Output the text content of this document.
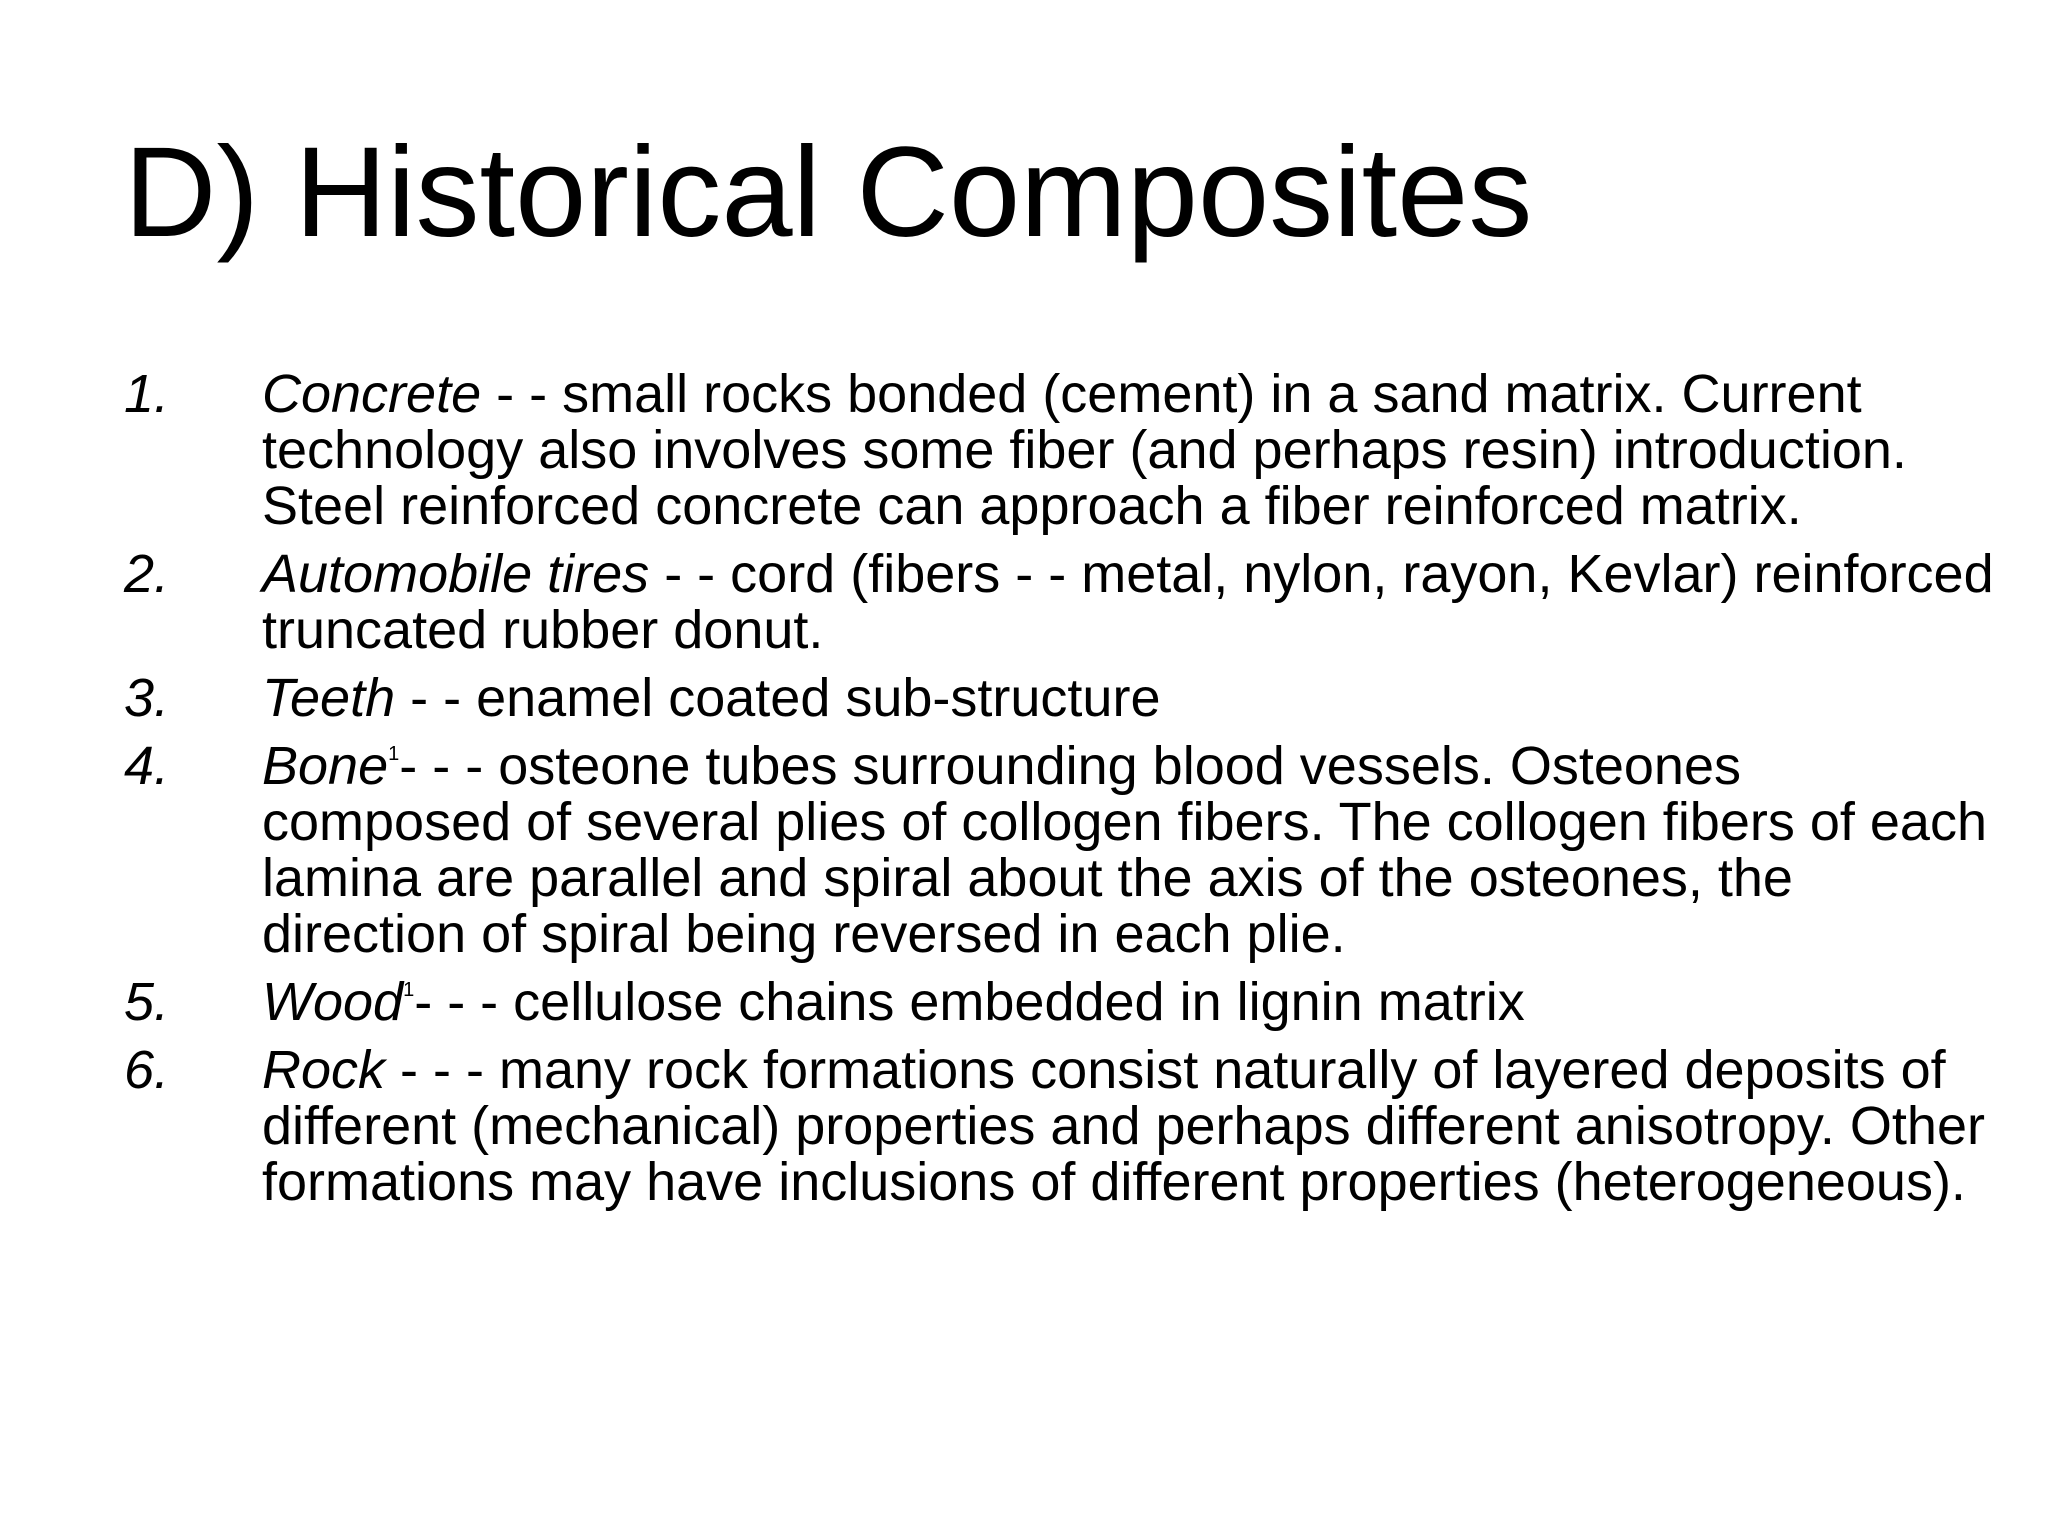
D) Historical Composites
1. Concrete - - small rocks bonded (cement) in a sand matrix. Current technology also involves some fiber (and perhaps resin) introduction. Steel reinforced concrete can approach a fiber reinforced matrix.
2. Automobile tires - - cord (fibers - - metal, nylon, rayon, Kevlar) reinforced truncated rubber donut.
3. Teeth - - enamel coated sub-structure
4. Bone$^1$- - - osteone tubes surrounding blood vessels. Osteones composed of several plies of collogen fibers. The collogen fibers of each lamina are parallel and spiral about the axis of the osteones, the direction of spiral being reversed in each plie.
5. Wood$^1$- - - cellulose chains embedded in lignin matrix
6. Rock - - - many rock formations consist naturally of layered deposits of different (mechanical) properties and perhaps different anisotropy. Other formations may have inclusions of different properties (heterogeneous).
